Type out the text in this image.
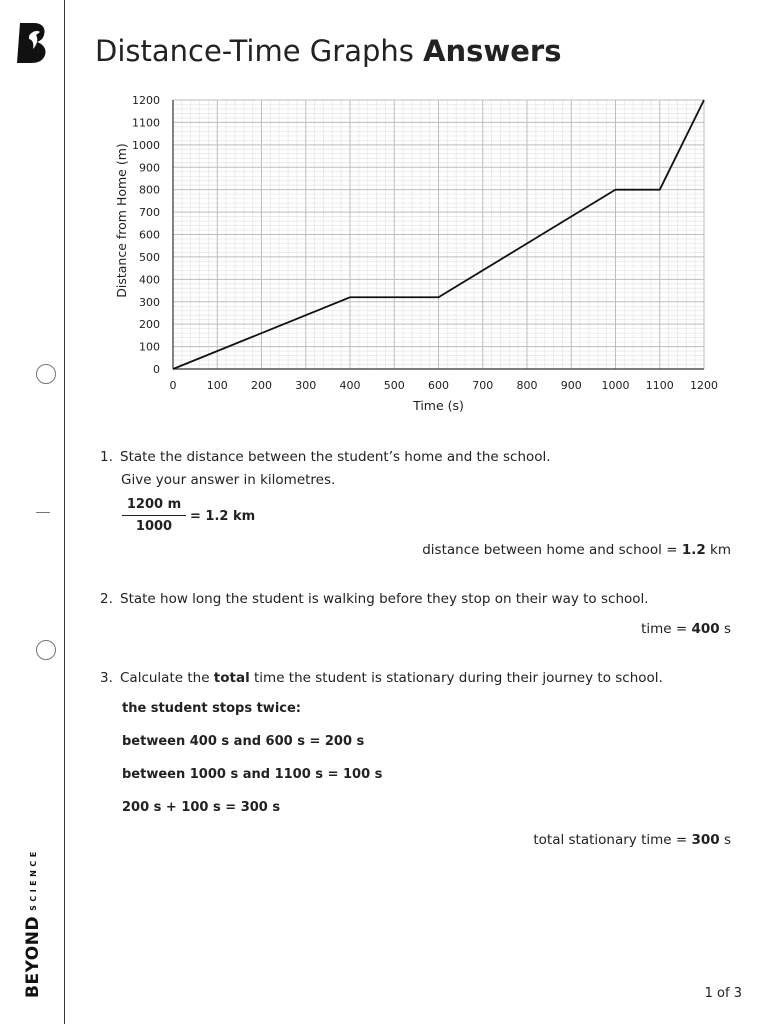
BEYONDSCIENCE
Distance-Time Graphs Answers
0	100 200 300 400 500 600 700 800 900 1000 1100 1200
0
100
200
300
400
500
600
700
800
900
1000
1100
1200
Time (s)
Distance from Home (m)
1. State the distance between the student’s home and the school.
Give your answer in kilometres.
$\frac{1200 m}{1000} = 1.2$ km
distance between home and school = 1.2 km
2. State how long the student is walking before they stop on their way to school.
time = 400 s
3. Calculate the total time the student is stationary during their journey to school.
the student stops twice:
between 400 s and 600 s = 200 s
between 1000 s and 1100 s = 100 s
200 s + 100 s = 300 s
total stationary time = 300 s
1 of 3
